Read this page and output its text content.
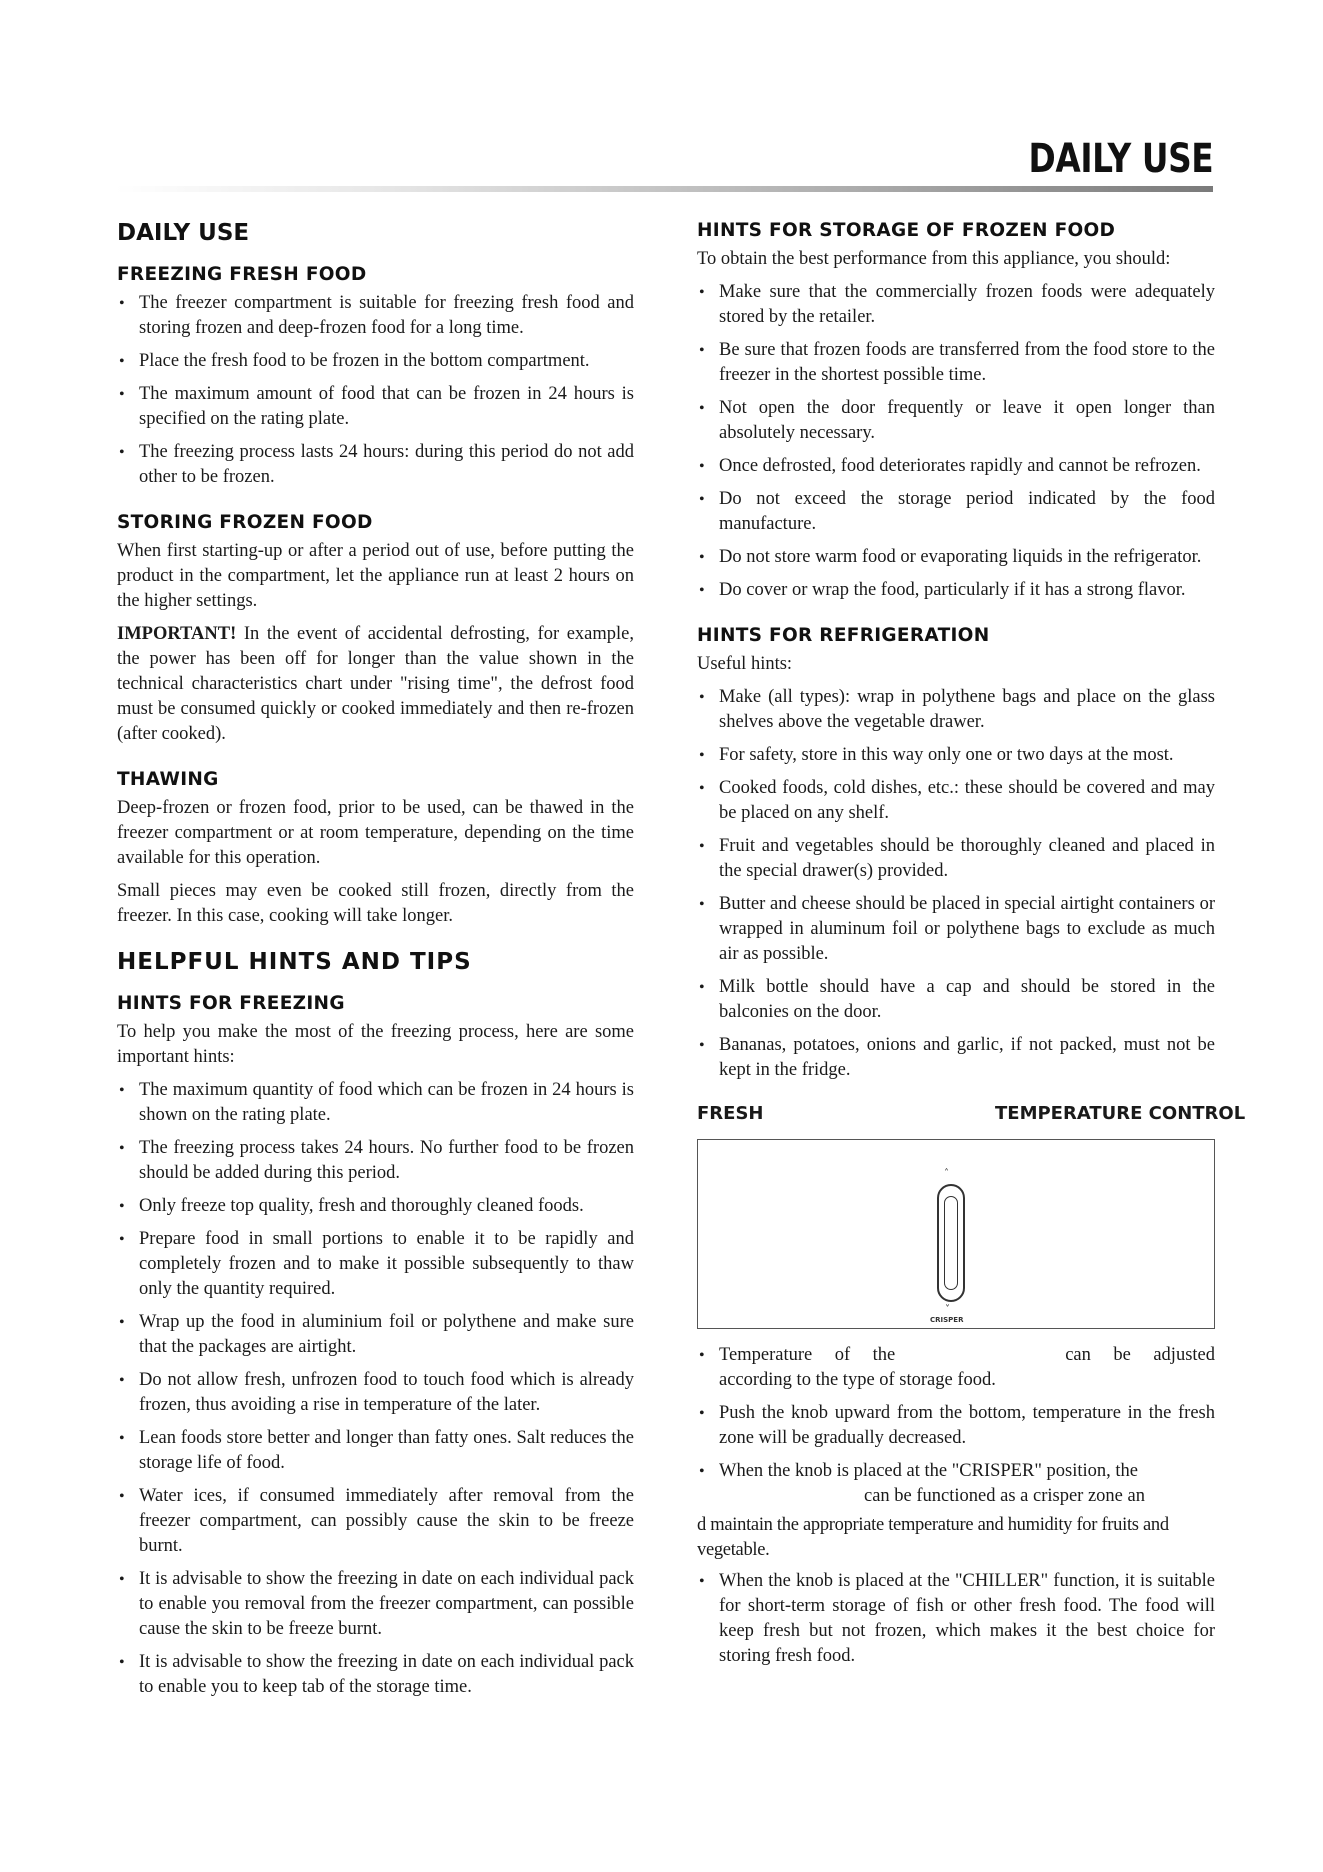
DAILY USE
DAILY USE
FREEZING FRESH FOOD
• The freezer compartment is suitable for freezing fresh food and storing frozen and deep-frozen food for a long time.
• Place the fresh food to be frozen in the bottom compartment.
• The maximum amount of food that can be frozen in 24 hours is specified on the rating plate.
• The freezing process lasts 24 hours: during this period do not add other to be frozen.
STORING FROZEN FOOD

When first starting-up or after a period out of use, before putting the product in the compartment, let the appliance run at least 2 hours on the higher settings.

IMPORTANT! In the event of accidental defrosting, for example, the power has been off for longer than the value shown in the technical characteristics chart under "rising time", the defrost food must be consumed quickly or cooked immediately and then re-frozen (after cooked).

THAWING

Deep-frozen or frozen food, prior to be used, can be thawed in the freezer compartment or at room temperature, depending on the time available for this operation.

Small pieces may even be cooked still frozen, directly from the freezer. In this case, cooking will take longer.

HELPFUL HINTS AND TIPS
HINTS FOR FREEZING

To help you make the most of the freezing process, here are some important hints:

• The maximum quantity of food which can be frozen in 24 hours is shown on the rating plate.
• The freezing process takes 24 hours. No further food to be frozen should be added during this period.
• Only freeze top quality, fresh and thoroughly cleaned foods.
• Prepare food in small portions to enable it to be rapidly and completely frozen and to make it possible subsequently to thaw only the quantity required.
• Wrap up the food in aluminium foil or polythene and make sure that the packages are airtight.
• Do not allow fresh, unfrozen food to touch food which is already frozen, thus avoiding a rise in temperature of the later.
• Lean foods store better and longer than fatty ones. Salt reduces the storage life of food.
• Water ices, if consumed immediately after removal from the freezer compartment, can possibly cause the skin to be freeze burnt.
• It is advisable to show the freezing in date on each individual pack to enable you removal from the freezer compartment, can possible cause the skin to be freeze burnt.
• It is advisable to show the freezing in date on each individual pack to enable you to keep tab of the storage time.
HINTS FOR STORAGE OF FROZEN FOOD

To obtain the best performance from this appliance, you should:

• Make sure that the commercially frozen foods were adequately stored by the retailer.
• Be sure that frozen foods are transferred from the food store to the freezer in the shortest possible time.
• Not open the door frequently or leave it open longer than absolutely necessary.
• Once defrosted, food deteriorates rapidly and cannot be refrozen.
• Do not exceed the storage period indicated by the food manufacture.
• Do not store warm food or evaporating liquids in the refrigerator.
• Do cover or wrap the food, particularly if it has a strong flavor.
HINTS FOR REFRIGERATION

Useful hints:

• Make (all types): wrap in polythene bags and place on the glass shelves above the vegetable drawer.
• For safety, store in this way only one or two days at the most.
• Cooked foods, cold dishes, etc.: these should be covered and may be placed on any shelf.
• Fruit and vegetables should be thoroughly cleaned and placed in the special drawer(s) provided.
• Butter and cheese should be placed in special airtight containers or wrapped in aluminum foil or polythene bags to exclude as much air as possible.
• Milk bottle should have a cap and should be stored in the balconies on the door.
• Bananas, potatoes, onions and garlic, if not packed, must not be kept in the fridge.
FRESH	TEMPERATURE CONTROL
˄
˅
CRISPER
• Temperature of the	can be adjusted according to the type of storage food.
• Push the knob upward from the bottom, temperature in the fresh zone will be gradually decreased.
• When the knob is placed at the "CRISPER" position, the
can be functioned as a crisper zone an
d maintain the appropriate temperature and humidity for fruits and vegetable.
• When the knob is placed at the "CHILLER" function, it is suitable for short-term storage of fish or other fresh food. The food will keep fresh but not frozen, which makes it the best choice for storing fresh food.
